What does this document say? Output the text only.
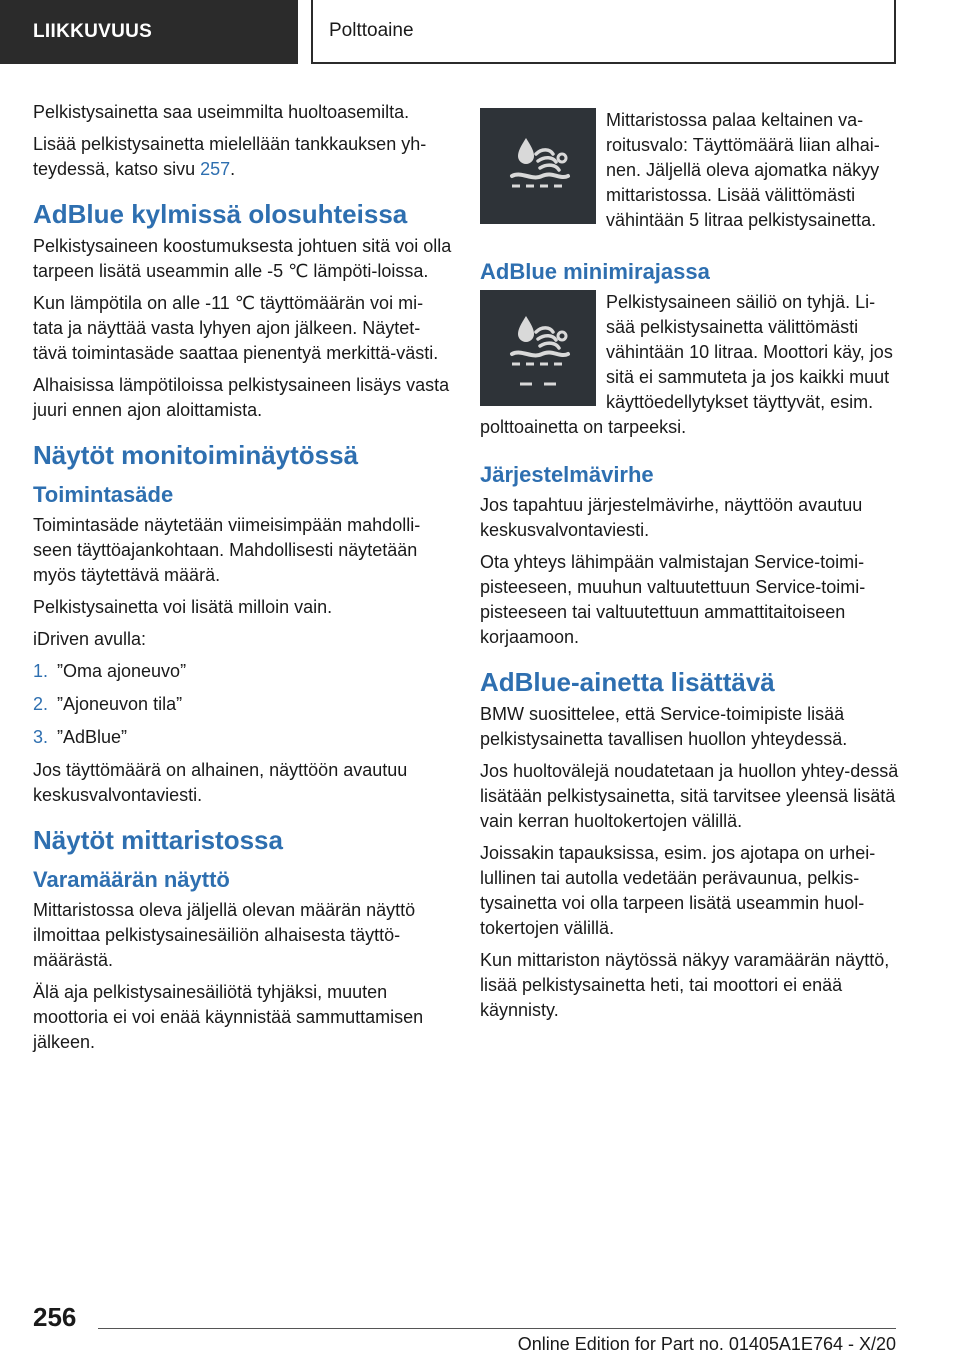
LIIKKUVUUS	Polttoaine

Pelkistysainetta saa useimmilta huoltoasemilta.

Lisää pelkistysainetta mielellään tankkauksen yh-teydessä, katso sivu 257.

AdBlue kylmissä olosuhteissa

Pelkistysaineen koostumuksesta johtuen sitä voi olla tarpeen lisätä useammin alle -5 ℃ lämpöti-loissa.

Kun lämpötila on alle -11 ℃ täyttömäärän voi mi-tata ja näyttää vasta lyhyen ajon jälkeen. Näytet-tävä toimintasäde saattaa pienentyä merkittä-västi.

Alhaisissa lämpötiloissa pelkistysaineen lisäys vasta juuri ennen ajon aloittamista.

Näytöt monitoiminäytössä
Toimintasäde

Toimintasäde näytetään viimeisimpään mahdolli-seen täyttöajankohtaan. Mahdollisesti näytetään myös täytettävä määrä.

Pelkistysainetta voi lisätä milloin vain.

iDriven avulla:

1. ”Oma ajoneuvo”
2. ”Ajoneuvon tila”
3. ”AdBlue”

Jos täyttömäärä on alhainen, näyttöön avautuu keskusvalvontaviesti.

Näytöt mittaristossa
Varamäärän näyttö

Mittaristossa oleva jäljellä olevan määrän näyttö ilmoittaa pelkistysainesäiliön alhaisesta täyttö-määrästä.

Älä aja pelkistysainesäiliötä tyhjäksi, muuten moottoria ei voi enää käynnistää sammuttamisen jälkeen.

Mittaristossa palaa keltainen va-roitusvalo: Täyttömäärä liian alhai-nen. Jäljellä oleva ajomatka näkyy mittaristossa. Lisää välittömästi vähintään 5 litraa pelkistysainetta.

AdBlue minimirajassa

Pelkistysaineen säiliö on tyhjä. Li-sää pelkistysainetta välittömästi vähintään 10 litraa. Moottori käy, jos sitä ei sammuteta ja jos kaikki muut käyttöedellytykset täyttyvät, esim. polttoainetta on tarpeeksi.

Järjestelmävirhe

Jos tapahtuu järjestelmävirhe, näyttöön avautuu keskusvalvontaviesti.

Ota yhteys lähimpään valmistajan Service-toimi-pisteeseen, muuhun valtuutettuun Service-toimi-pisteeseen tai valtuutettuun ammattitaitoiseen korjaamoon.

AdBlue-ainetta lisättävä

BMW suosittelee, että Service-toimipiste lisää pelkistysainetta tavallisen huollon yhteydessä.

Jos huoltovälejä noudatetaan ja huollon yhtey-dessä lisätään pelkistysainetta, sitä tarvitsee yleensä lisätä vain kerran huoltokertojen välillä.

Joissakin tapauksissa, esim. jos ajotapa on urhei-lullinen tai autolla vedetään perävaunua, pelkis-tysainetta voi olla tarpeen lisätä useammin huol-tokertojen välillä.

Kun mittariston näytössä näkyy varamäärän näyttö, lisää pelkistysainetta heti, tai moottori ei enää käynnisty.

256
Online Edition for Part no. 01405A1E764 - X/20
